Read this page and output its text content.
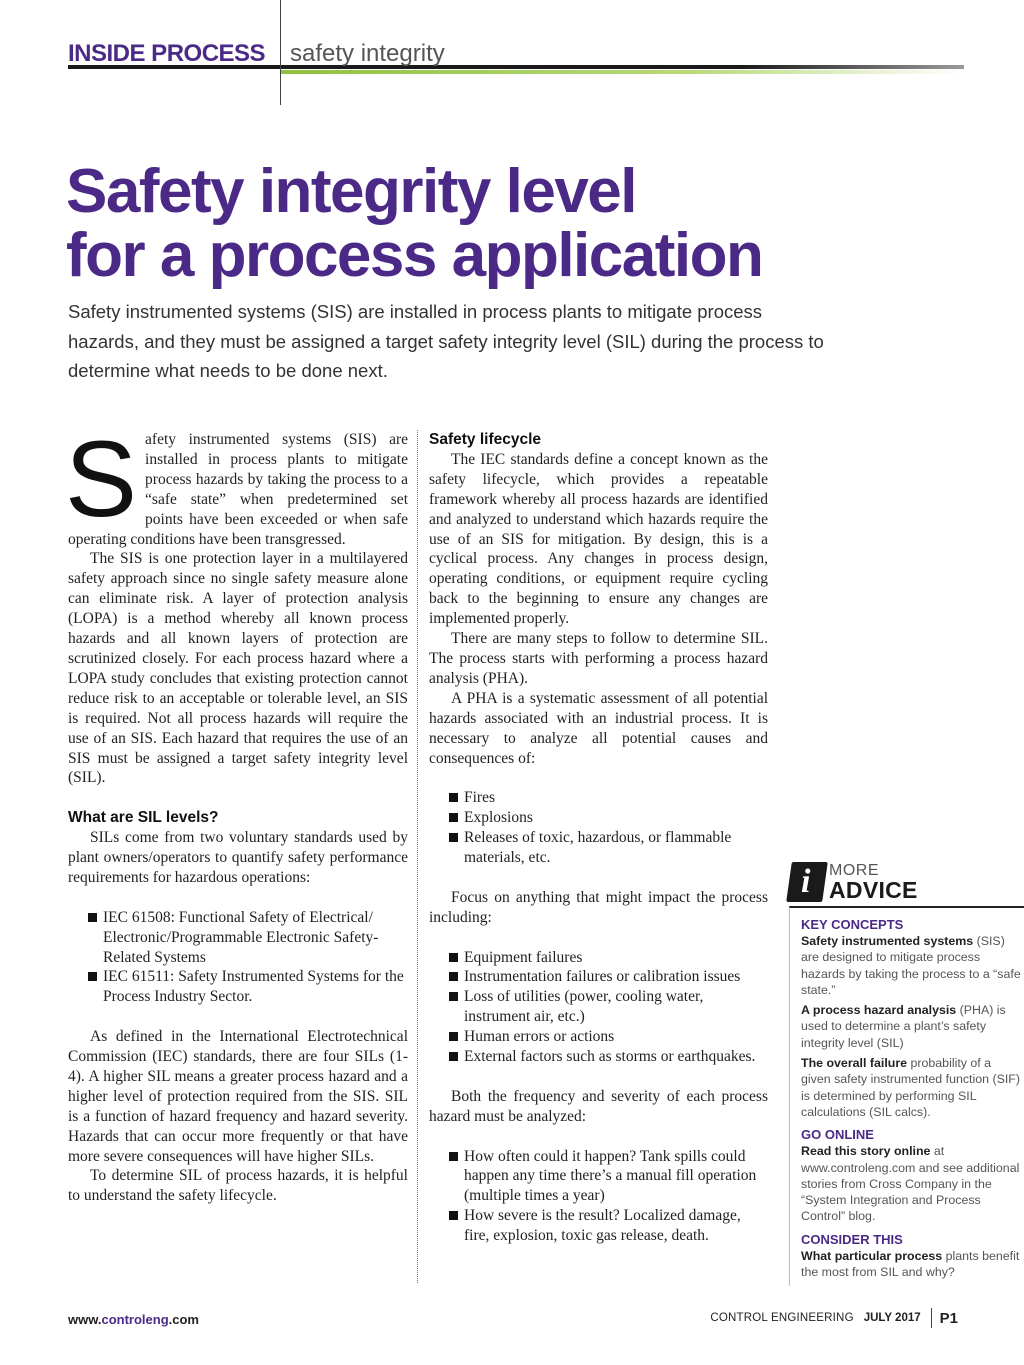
INSIDE PROCESS safety integrity
Safety integrity level
for a process application

Safety instrumented systems (SIS) are installed in process plants to mitigate process hazards, and they must be assigned a target safety integrity level (SIL) during the process to determine what needs to be done next.

Safety instrumented systems (SIS) are installed in process plants to mitigate process hazards by taking the process to a “safe state” when predetermined set points have been exceeded or when safe operating conditions have been transgressed.

The SIS is one protection layer in a multilayered safety approach since no single safety measure alone can eliminate risk. A layer of protection analysis (LOPA) is a method whereby all known process hazards and all known layers of protection are scrutinized closely. For each process hazard where a LOPA study concludes that existing protection cannot reduce risk to an acceptable or tolerable level, an SIS is required. Not all process hazards will require the use of an SIS. Each hazard that requires the use of an SIS must be assigned a target safety integrity level (SIL).

What are SIL levels?

SILs come from two voluntary standards used by plant owners/operators to quantify safety performance requirements for hazardous operations:

IEC 61508: Functional Safety of Electrical/ Electronic/Programmable Electronic Safety-Related Systems
IEC 61511: Safety Instrumented Systems for the Process Industry Sector.

As defined in the International Electrotechnical Commission (IEC) standards, there are four SILs (1-4). A higher SIL means a greater process hazard and a higher level of protection required from the SIS. SIL is a function of hazard frequency and hazard severity. Hazards that can occur more frequently or that have more severe consequences will have higher SILs.

To determine SIL of process hazards, it is helpful to understand the safety lifecycle.

Safety lifecycle

The IEC standards define a concept known as the safety lifecycle, which provides a repeatable framework whereby all process hazards are identified and analyzed to understand which hazards require the use of an SIS for mitigation. By design, this is a cyclical process. Any changes in process design, operating conditions, or equipment require cycling back to the beginning to ensure any changes are implemented properly.

There are many steps to follow to determine SIL. The process starts with performing a process hazard analysis (PHA).

A PHA is a systematic assessment of all potential hazards associated with an industrial process. It is necessary to analyze all potential causes and consequences of:

Fires
Explosions
Releases of toxic, hazardous, or flammable materials, etc.

Focus on anything that might impact the process including:

Equipment failures
Instrumentation failures or calibration issues
Loss of utilities (power, cooling water, instrument air, etc.)
Human errors or actions
External factors such as storms or earthquakes.

Both the frequency and severity of each process hazard must be analyzed:

How often could it happen? Tank spills could happen any time there’s a manual fill operation (multiple times a year)
How severe is the result? Localized damage, fire, explosion, toxic gas release, death.
i MORE
ADVICE
KEY CONCEPTS
Safety instrumented systems (SIS) are designed to mitigate process hazards by taking the process to a “safe state.”
A process hazard analysis (PHA) is used to determine a plant’s safety integrity level (SIL)
The overall failure probability of a given safety instrumented function (SIF) is determined by performing SIL calculations (SIL calcs).
GO ONLINE
Read this story online at www.controleng.com and see additional stories from Cross Company in the “System Integration and Process Control” blog.
CONSIDER THIS
What particular process plants benefit the most from SIL and why?
www.controleng.com	CONTROL ENGINEERING JULY 2017 P1
